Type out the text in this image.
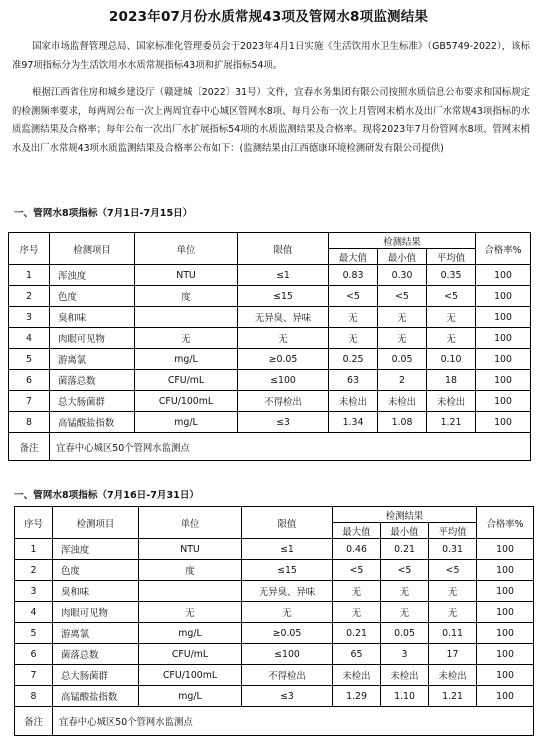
2023年07月份水质常规43项及管网水8项监测结果
国家市场监督管理总局、国家标准化管理委员会于2023年4月1日实施《生活饮用水卫生标准》（GB5749-2022），该标准97项指标分为生活饮用水水质常规指标43项和扩展指标54项。
根据江西省住房和城乡建设厅（赣建城〔2022〕31号）文件，宜春水务集团有限公司按照水质信息公布要求和国标规定的检测频率要求，每两周公布一次上两周宜春中心城区管网水8项、每月公布一次上月管网末梢水及出厂水常规43项指标的水质监测结果及合格率；每年公布一次出厂水扩展指标54项的水质监测结果及合格率。现将2023年7月份管网水8项、管网末梢水及出厂水常规43项水质监测结果及合格率公布如下：(监测结果由江西德康环境检测研发有限公司提供)
一、管网水8项指标（7月1日-7月15日）
序号	检测项目	单位	限值	检测结果			合格率%
				最大值	最小值	平均值	
1	浑浊度	NTU	≤1	0.83	0.30	0.35	100
2	色度	度	≤15	<5	<5	<5	100
3	臭和味		无异臭、异味	无	无	无	100
4	肉眼可见物	无	无	无	无	无	100
5	游离氯	mg/L	≥0.05	0.25	0.05	0.10	100
6	菌落总数	CFU/mL	≤100	63	2	18	100
7	总大肠菌群	CFU/100mL	不得检出	未检出	未检出	未检出	100
8	高锰酸盐指数	mg/L	≤3	1.34	1.08	1.21	100
备注	宜春中心城区50个管网水监测点						
一、管网水8项指标（7月16日-7月31日）
序号	检测项目	单位	限值	检测结果			合格率%
				最大值	最小值	平均值	
1	浑浊度	NTU	≤1	0.46	0.21	0.31	100
2	色度	度	≤15	<5	<5	<5	100
3	臭和味		无异臭、异味	无	无	无	100
4	肉眼可见物	无	无	无	无	无	100
5	游离氯	mg/L	≥0.05	0.21	0.05	0.11	100
6	菌落总数	CFU/mL	≤100	65	3	17	100
7	总大肠菌群	CFU/100mL	不得检出	未检出	未检出	未检出	100
8	高锰酸盐指数	mg/L	≤3	1.29	1.10	1.21	100
备注	宜春中心城区50个管网水监测点						
